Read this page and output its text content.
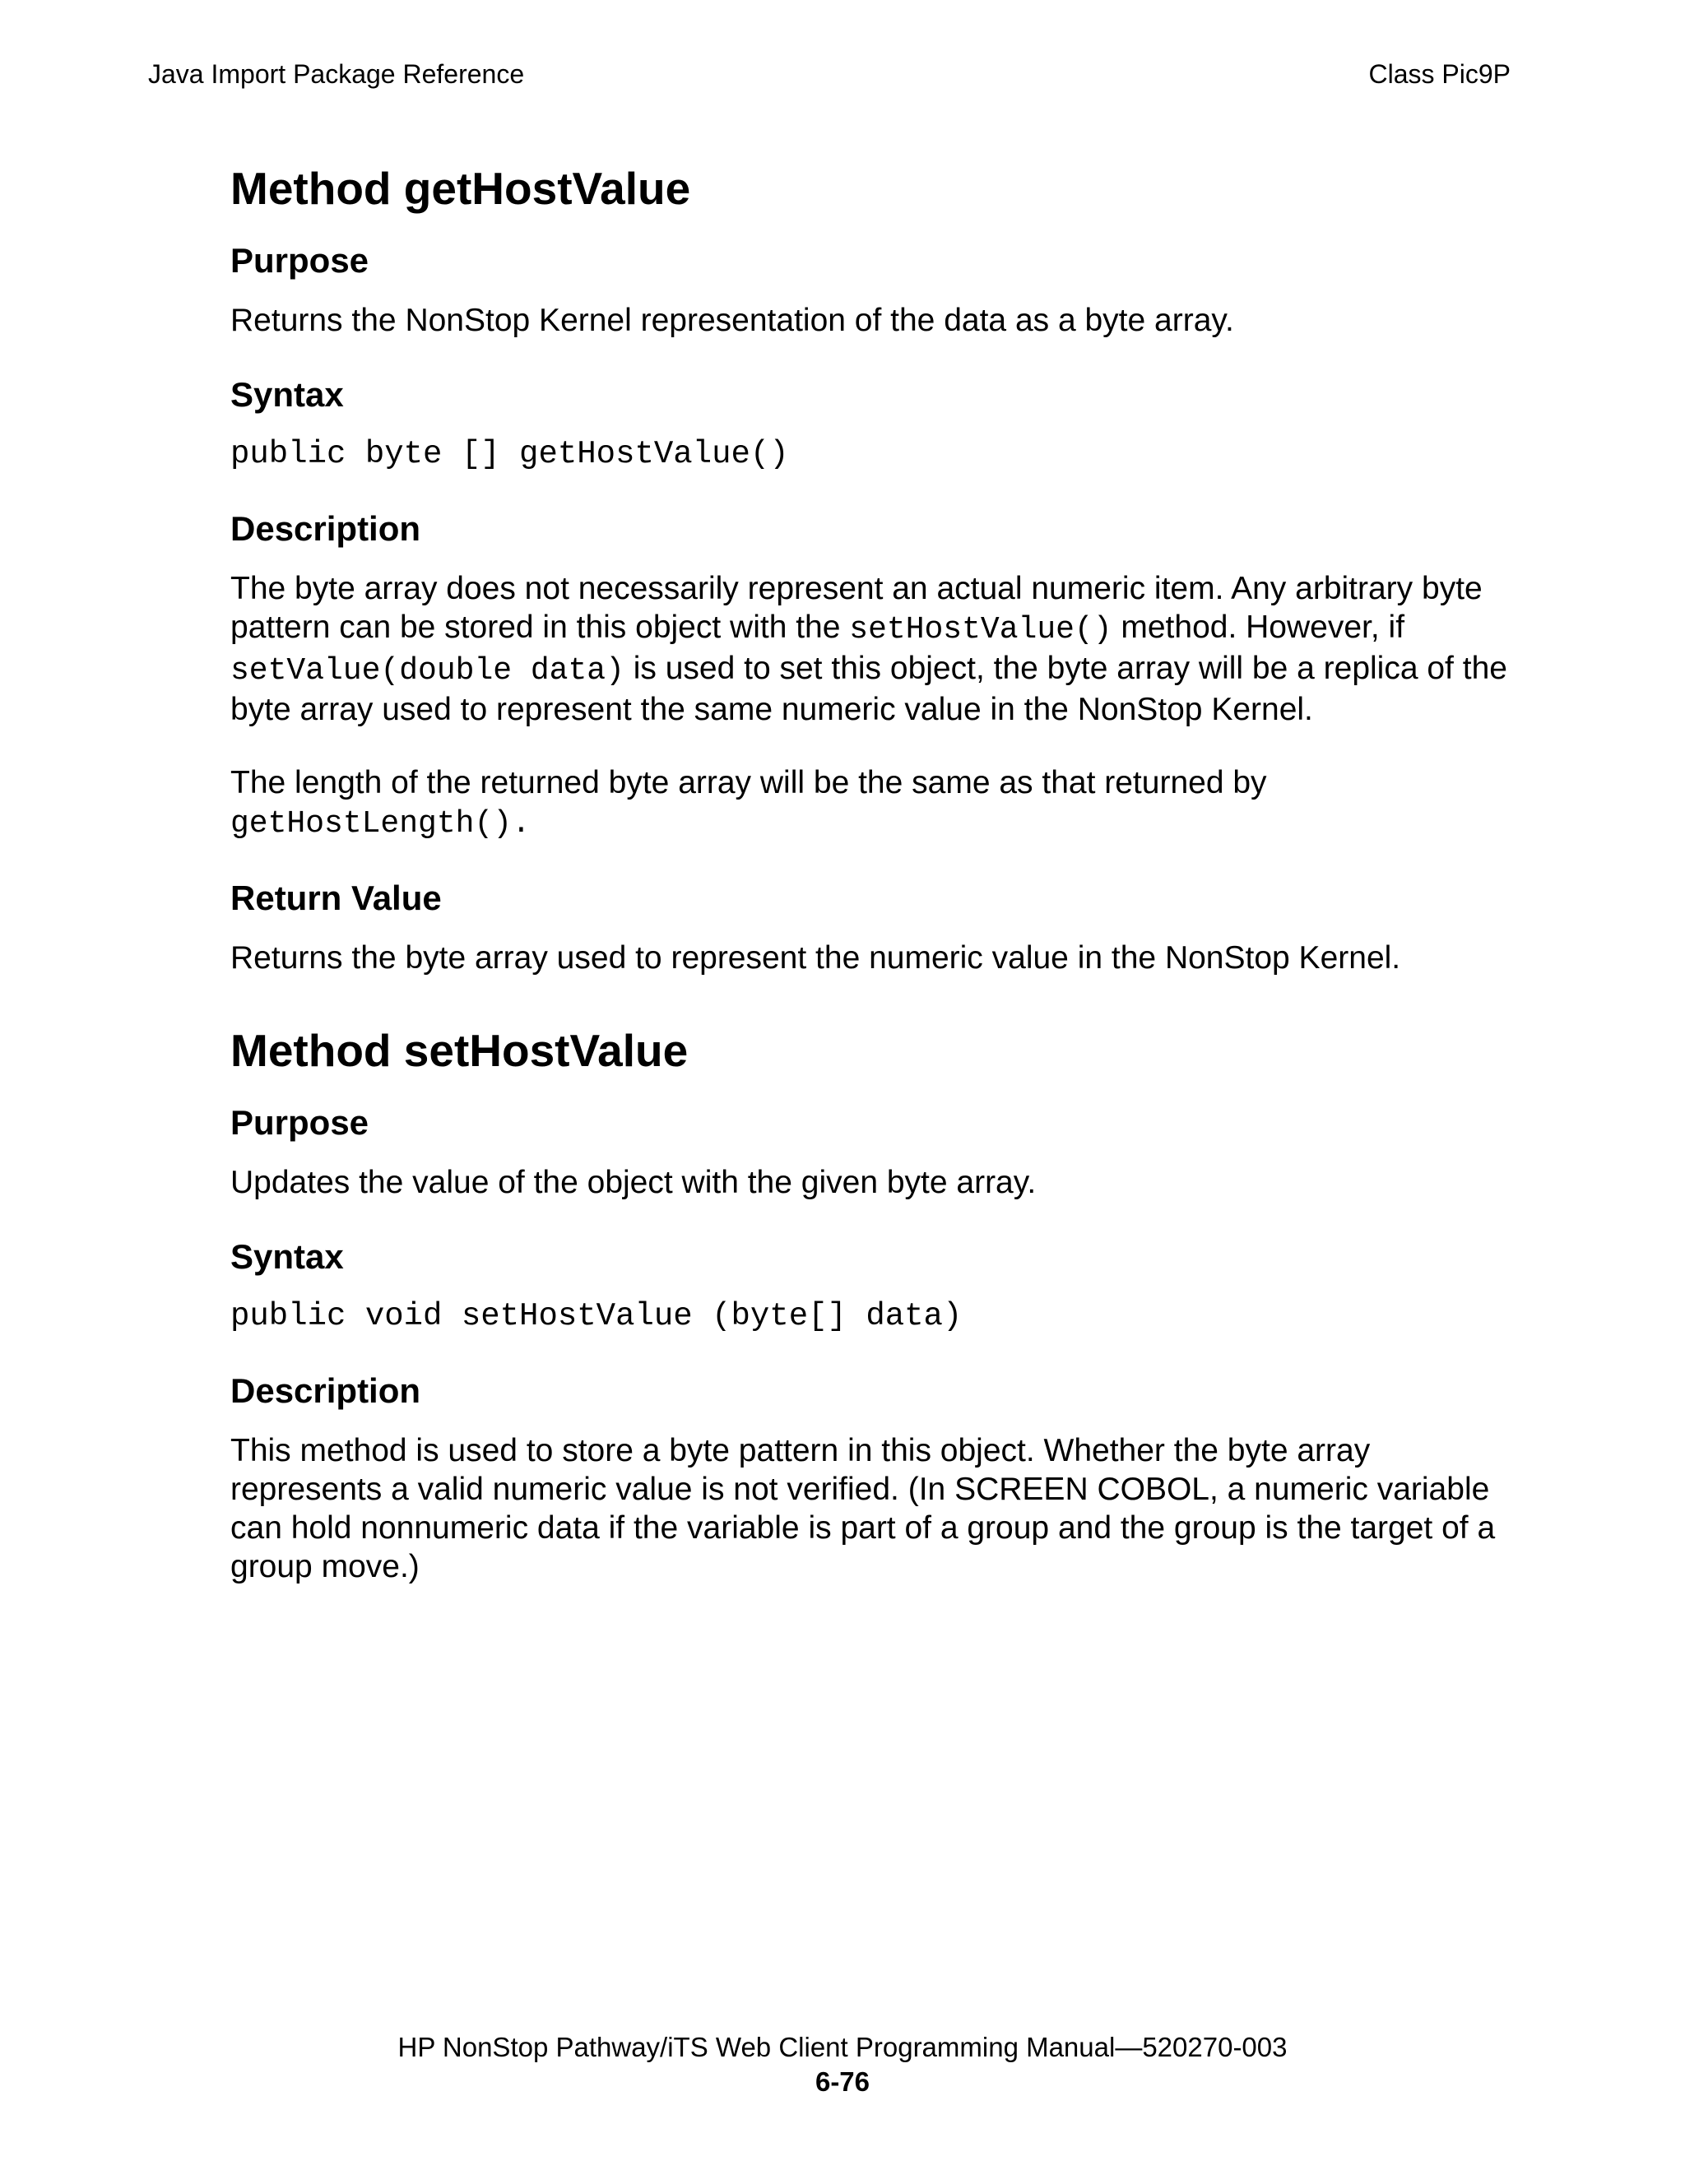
Java Import Package Reference	Class Pic9P
Method getHostValue
Purpose

Returns the NonStop Kernel representation of the data as a byte array.

Syntax
public byte [] getHostValue()
Description

The byte array does not necessarily represent an actual numeric item. Any arbitrary byte pattern can be stored in this object with the setHostValue() method. However, if setValue(double data) is used to set this object, the byte array will be a replica of the byte array used to represent the same numeric value in the NonStop Kernel.

The length of the returned byte array will be the same as that returned by getHostLength().

Return Value

Returns the byte array used to represent the numeric value in the NonStop Kernel.

Method setHostValue
Purpose

Updates the value of the object with the given byte array.

Syntax
public void setHostValue (byte[] data)
Description

This method is used to store a byte pattern in this object. Whether the byte array represents a valid numeric value is not verified. (In SCREEN COBOL, a numeric variable can hold nonnumeric data if the variable is part of a group and the group is the target of a group move.)

HP NonStop Pathway/iTS Web Client Programming Manual—520270-003
6-76
